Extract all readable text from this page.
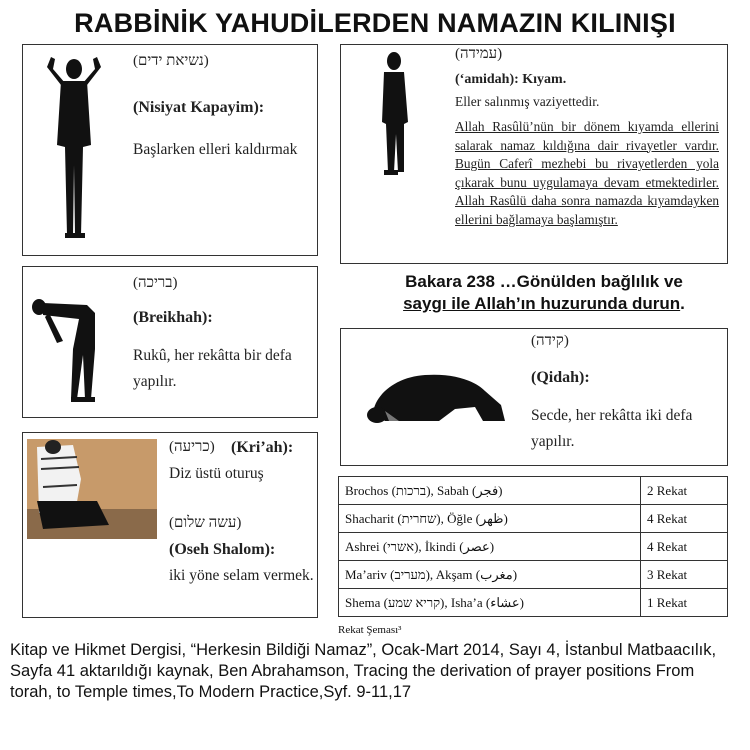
RABBİNİK YAHUDİLERDEN NAMAZIN KILINIŞI
(נשיאת ידים)
(Nisiyat Kapayim):
Başlarken elleri kaldırmak
(עמידה)
(‘amidah): Kıyam.
Eller salınmış vaziyettedir.
Allah Rasûlü’nün bir dönem kıyamda ellerini salarak namaz kıldığına dair rivayetler vardır. Bugün Caferî mezhebi bu rivayetlerden yola çıkarak bunu uygulamaya devam etmektedirler. Allah Rasûlü daha sonra namazda kıyamdayken ellerini bağlamaya başlamıştır.
(בריכה)
(Breikhah):
Rukû, her rekâtta bir defa yapılır.
Bakara 238 …Gönülden bağlılık ve
saygı ile Allah’ın huzurunda durun.
(קידה)
(Qidah):
Secde, her rekâtta iki defa yapılır.
(כריעה) (Kri’ah):
Diz üstü oturuş
(עשה שלום)
(Oseh Shalom):
iki yöne selam vermek.
Brochos (ברכות), Sabah (فجر)	2 Rekat
Shacharit (שחרית), Öğle (ظهر)	4 Rekat
Ashrei (אשרי), İkindi (عصر)	4 Rekat
Ma’ariv (מעריב), Akşam (مغرب)	3 Rekat
Shema (קריא שמע), Isha’a (عشاء)	1 Rekat
Rekat Şeması³
Kitap ve Hikmet Dergisi, “Herkesin Bildiği Namaz”, Ocak-Mart 2014, Sayı 4, İstanbul Matbaacılık, Sayfa 41 aktarıldığı kaynak, Ben Abrahamson, Tracing the derivation of prayer positions From torah, to Temple times,To Modern Practice,Syf. 9-11,17
